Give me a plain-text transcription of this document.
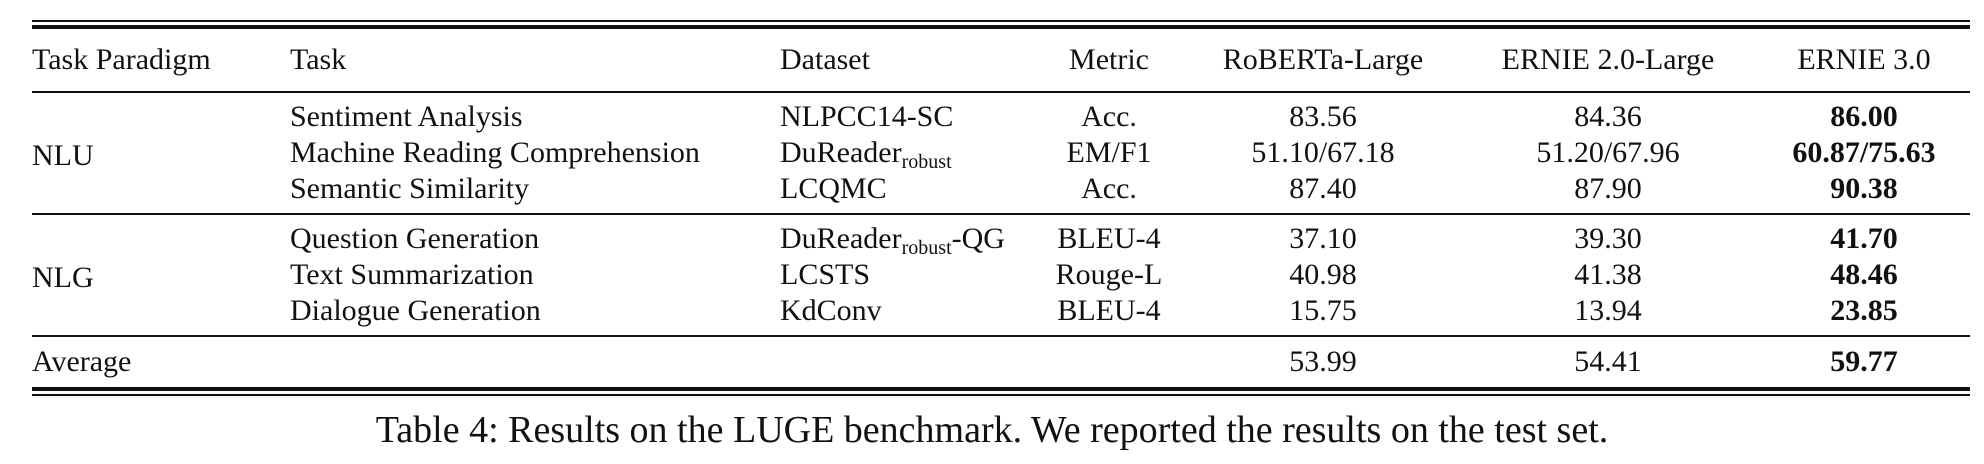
Task Paradigm	Task	Dataset	Metric	RoBERTa-Large	ERNIE 2.0-Large	ERNIE 3.0
NLU	Sentiment Analysis	NLPCC14-SC	Acc.	83.56	84.36	86.00
	Machine Reading Comprehension	DuReader$_{robust}$	EM/F1	51.10/67.18	51.20/67.96	60.87/75.63
	Semantic Similarity	LCQMC	Acc.	87.40	87.90	90.38
NLG	Question Generation	DuReader$_{robust}$-QG	BLEU-4	37.10	39.30	41.70
	Text Summarization	LCSTS	Rouge-L	40.98	41.38	48.46
	Dialogue Generation	KdConv	BLEU-4	15.75	13.94	23.85
Average				53.99	54.41	59.77
Table 4: Results on the LUGE benchmark. We reported the results on the test set.
